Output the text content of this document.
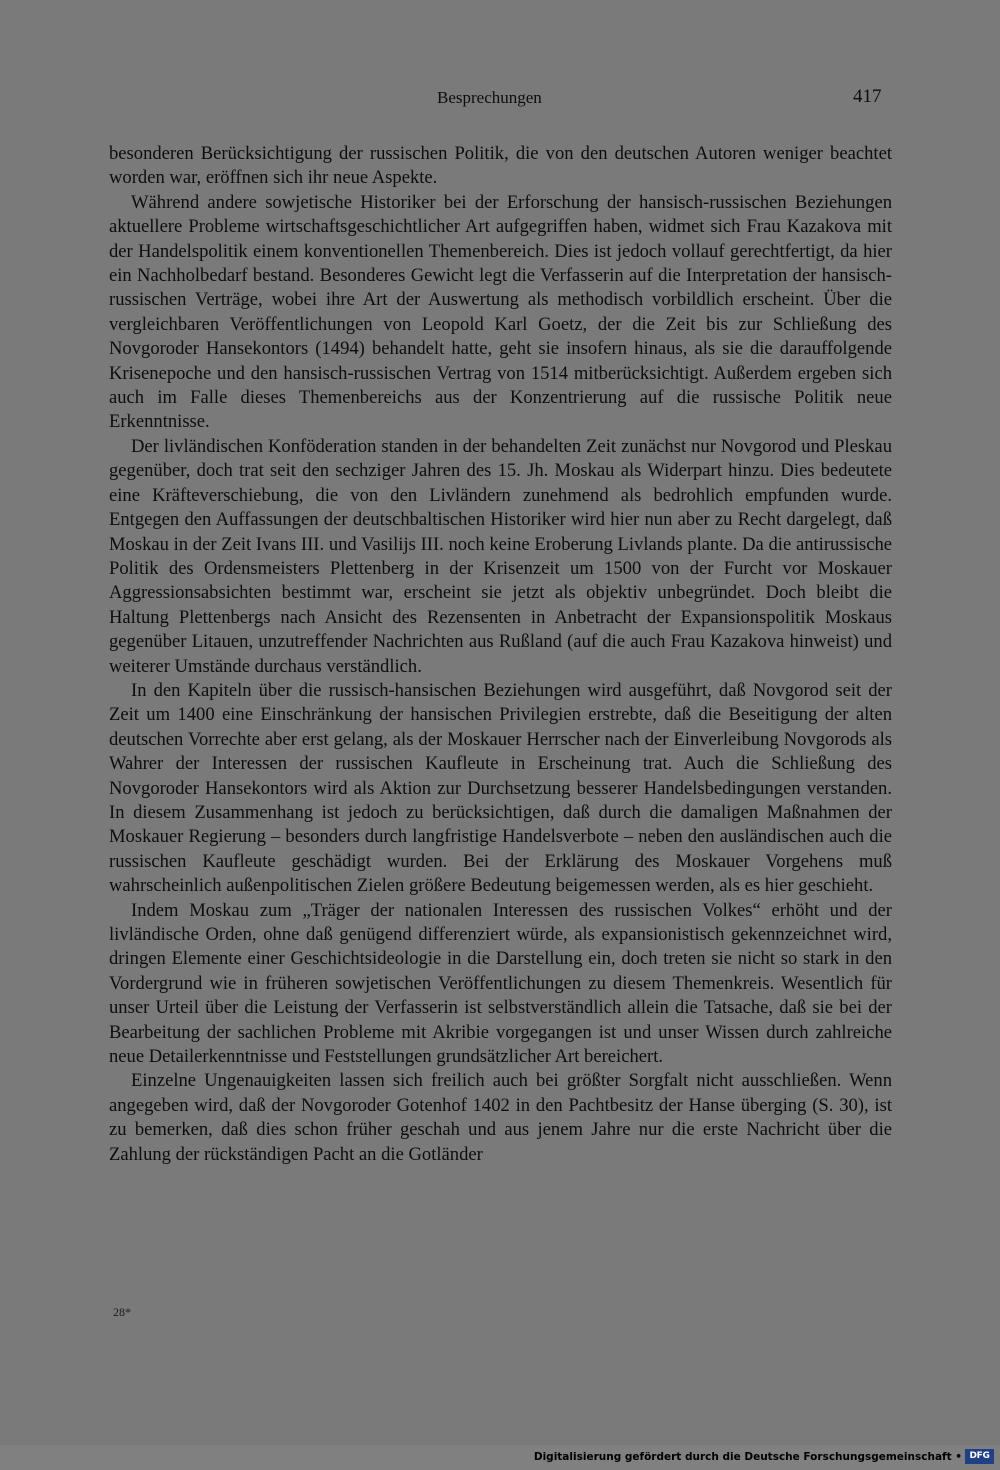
Besprechungen	417

besonderen Berücksichtigung der russischen Politik, die von den deutschen Autoren weniger beachtet worden war, eröffnen sich ihr neue Aspekte.

Während andere sowjetische Historiker bei der Erforschung der hansisch-russischen Beziehungen aktuellere Probleme wirtschaftsgeschichtlicher Art aufgegriffen haben, widmet sich Frau Kazakova mit der Handelspolitik einem konventionellen Themenbereich. Dies ist jedoch vollauf gerechtfertigt, da hier ein Nachholbedarf bestand. Besonderes Gewicht legt die Verfasserin auf die Interpretation der hansisch-russischen Verträge, wobei ihre Art der Auswertung als methodisch vorbildlich erscheint. Über die vergleichbaren Veröffentlichungen von Leopold Karl Goetz, der die Zeit bis zur Schließung des Novgoroder Hansekontors (1494) behandelt hatte, geht sie insofern hinaus, als sie die darauffolgende Krisenepoche und den hansisch-russischen Vertrag von 1514 mitberücksichtigt. Außerdem ergeben sich auch im Falle dieses Themenbereichs aus der Konzentrierung auf die russische Politik neue Erkenntnisse.

Der livländischen Konföderation standen in der behandelten Zeit zunächst nur Novgorod und Pleskau gegenüber, doch trat seit den sechziger Jahren des 15. Jh. Moskau als Widerpart hinzu. Dies bedeutete eine Kräfteverschiebung, die von den Livländern zunehmend als bedrohlich empfunden wurde. Entgegen den Auffassungen der deutschbaltischen Historiker wird hier nun aber zu Recht dargelegt, daß Moskau in der Zeit Ivans III. und Vasilijs III. noch keine Eroberung Livlands plante. Da die antirussische Politik des Ordensmeisters Plettenberg in der Krisenzeit um 1500 von der Furcht vor Moskauer Aggressionsabsichten bestimmt war, erscheint sie jetzt als objektiv unbegründet. Doch bleibt die Haltung Plettenbergs nach Ansicht des Rezensenten in Anbetracht der Expansionspolitik Moskaus gegenüber Litauen, unzutreffender Nachrichten aus Rußland (auf die auch Frau Kazakova hinweist) und weiterer Umstände durchaus verständlich.

In den Kapiteln über die russisch-hansischen Beziehungen wird ausgeführt, daß Novgorod seit der Zeit um 1400 eine Einschränkung der hansischen Privilegien erstrebte, daß die Beseitigung der alten deutschen Vorrechte aber erst gelang, als der Moskauer Herrscher nach der Einverleibung Novgorods als Wahrer der Interessen der russischen Kaufleute in Erscheinung trat. Auch die Schließung des Novgoroder Hansekontors wird als Aktion zur Durchsetzung besserer Handelsbedingungen verstanden. In diesem Zusammenhang ist jedoch zu berücksichtigen, daß durch die damaligen Maßnahmen der Moskauer Regierung – besonders durch langfristige Handelsverbote – neben den ausländischen auch die russischen Kaufleute geschädigt wurden. Bei der Erklärung des Moskauer Vorgehens muß wahrscheinlich außenpolitischen Zielen größere Bedeutung beigemessen werden, als es hier geschieht.

Indem Moskau zum „Träger der nationalen Interessen des russischen Volkes“ erhöht und der livländische Orden, ohne daß genügend differenziert würde, als expansionistisch gekennzeichnet wird, dringen Elemente einer Geschichtsideologie in die Darstellung ein, doch treten sie nicht so stark in den Vordergrund wie in früheren sowjetischen Veröffentlichungen zu diesem Themenkreis. Wesentlich für unser Urteil über die Leistung der Verfasserin ist selbstverständlich allein die Tatsache, daß sie bei der Bearbeitung der sachlichen Probleme mit Akribie vorgegangen ist und unser Wissen durch zahlreiche neue Detailerkenntnisse und Feststellungen grundsätzlicher Art bereichert.

Einzelne Ungenauigkeiten lassen sich freilich auch bei größter Sorgfalt nicht ausschließen. Wenn angegeben wird, daß der Novgoroder Gotenhof 1402 in den Pachtbesitz der Hanse überging (S. 30), ist zu bemerken, daß dies schon früher geschah und aus jenem Jahre nur die erste Nachricht über die Zahlung der rückständigen Pacht an die Gotländer

28*
Digitalisierung gefördert durch die Deutsche Forschungsgemeinschaft • DFG
